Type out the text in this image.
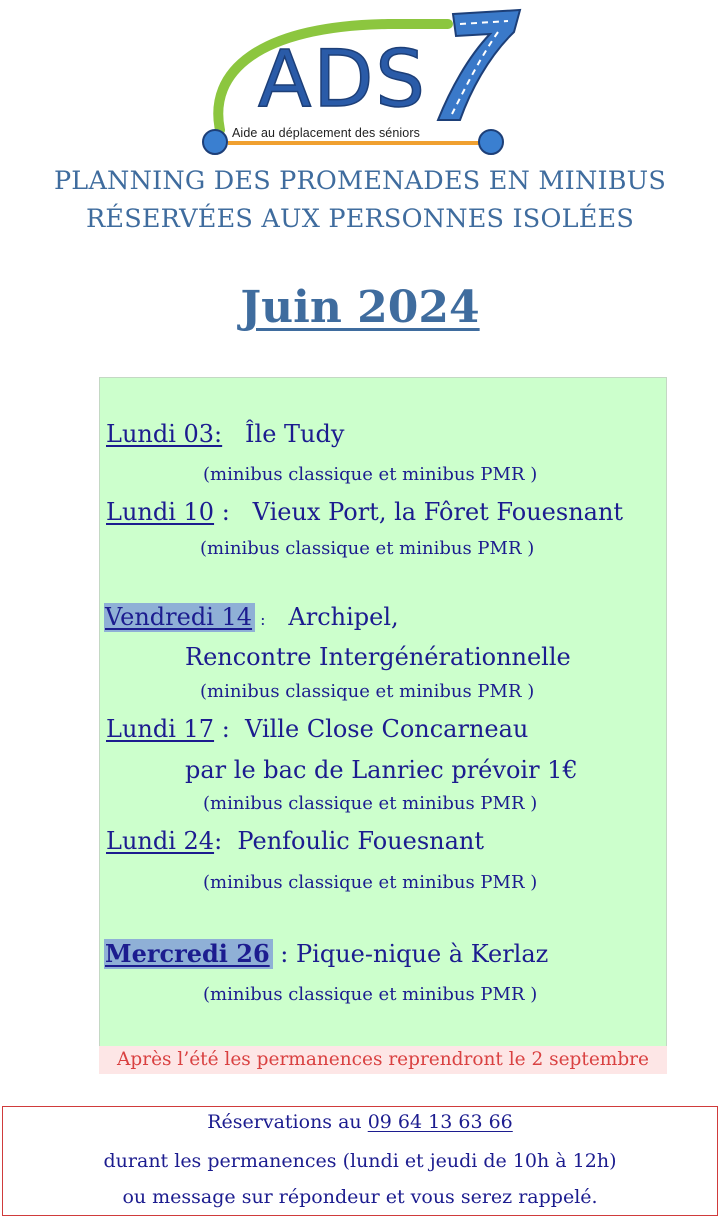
ADS
Aide au déplacement des séniors
PLANNING DES PROMENADES EN MINIBUS
RÉSERVÉES AUX PERSONNES ISOLÉES
Juin 2024
Lundi 03: Île Tudy
(minibus classique et minibus PMR )
Lundi 10 : Vieux Port, la Fôret Fouesnant
(minibus classique et minibus PMR )
Vendredi 14 : Archipel,
Rencontre Intergénérationnelle
(minibus classique et minibus PMR )
Lundi 17 : Ville Close Concarneau
par le bac de Lanriec prévoir 1€
(minibus classique et minibus PMR )
Lundi 24: Penfoulic Fouesnant
(minibus classique et minibus PMR )
Mercredi 26 : Pique-nique à Kerlaz
(minibus classique et minibus PMR )
Après l’été les permanences reprendront le 2 septembre
Réservations au 09 64 13 63 66
durant les permanences (lundi et jeudi de 10h à 12h)
ou message sur répondeur et vous serez rappelé.
